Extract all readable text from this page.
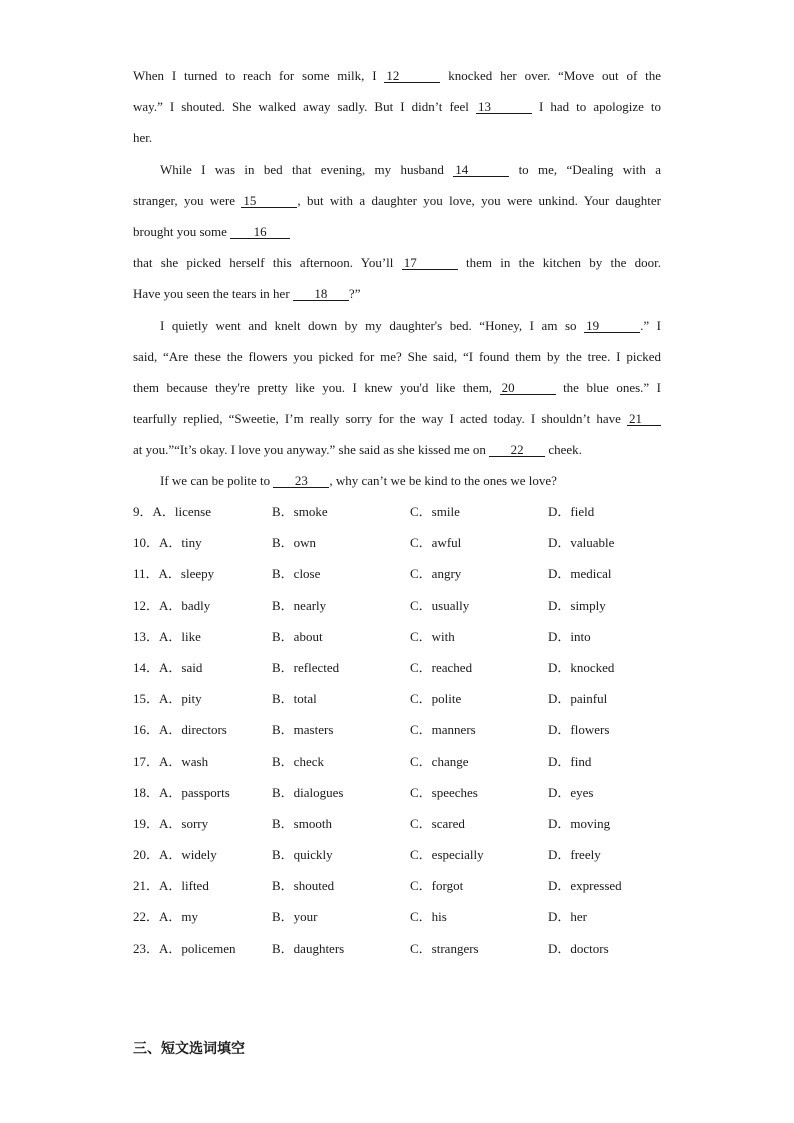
When I turned to reach for some milk, I 12	knocked her over. “Move out of the
way.” I shouted. She walked away sadly. But I didn’t feel 13	I had to apologize to
her.
While I was in bed that evening, my husband 14	to me, “Dealing with a
stranger, you were 15	, but with a daughter you love, you were unkind. Your daughter
brought you some 16
that she picked herself this afternoon. You’ll 17	them in the kitchen by the door.
Have you seen the tears in her 18 ?”
I quietly went and knelt down by my daughter's bed. “Honey, I am so 19	.” I
said, “Are these the flowers you picked for me? She said, “I found them by the tree. I picked
them because they're pretty like you. I knew you'd like them, 20	the blue ones.” I
tearfully replied, “Sweetie, I’m really sorry for the way I acted today. I shouldn’t have 21
at you.”“It’s okay. I love you anyway.” she said as she kissed me on 22 cheek.
If we can be polite to 23 , why can’t we be kind to the ones we love?
9．A．license	B．smoke	C．smile	D．field
10．A．tiny	B．own	C．awful	D．valuable
11．A．sleepy	B．close	C．angry	D．medical
12．A．badly	B．nearly	C．usually	D．simply
13．A．like	B．about	C．with	D．into
14．A．said	B．reflected	C．reached	D．knocked
15．A．pity	B．total	C．polite	D．painful
16．A．directors	B．masters	C．manners	D．flowers
17．A．wash	B．check	C．change	D．find
18．A．passports	B．dialogues	C．speeches	D．eyes
19．A．sorry	B．smooth	C．scared	D．moving
20．A．widely	B．quickly	C．especially	D．freely
21．A．lifted	B．shouted	C．forgot	D．expressed
22．A．my	B．your	C．his	D．her
23．A．policemen	B．daughters	C．strangers	D．doctors
三、短文选词填空
